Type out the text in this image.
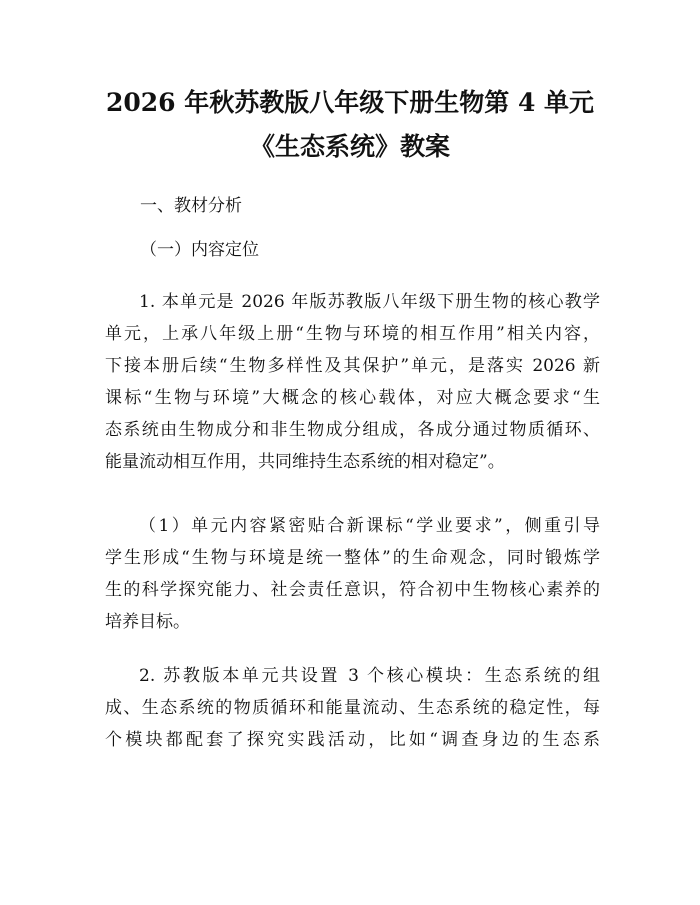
2026 年秋苏教版八年级下册生物第 4 单元
《生态系统》教案
一、教材分析
（一）内容定位
1. 本单元是 2026 年版苏教版八年级下册生物的核心教学
单元，上承八年级上册“生物与环境的相互作用”相关内容，
下接本册后续“生物多样性及其保护”单元，是落实 2026 新
课标“生物与环境”大概念的核心载体，对应大概念要求“生
态系统由生物成分和非生物成分组成，各成分通过物质循环、
能量流动相互作用，共同维持生态系统的相对稳定”。
（1）单元内容紧密贴合新课标“学业要求”，侧重引导
学生形成“生物与环境是统一整体”的生命观念，同时锻炼学
生的科学探究能力、社会责任意识，符合初中生物核心素养的
培养目标。
2. 苏教版本单元共设置 3 个核心模块：生态系统的组
成、生态系统的物质循环和能量流动、生态系统的稳定性，每
个模块都配套了探究实践活动，比如“调查身边的生态系
